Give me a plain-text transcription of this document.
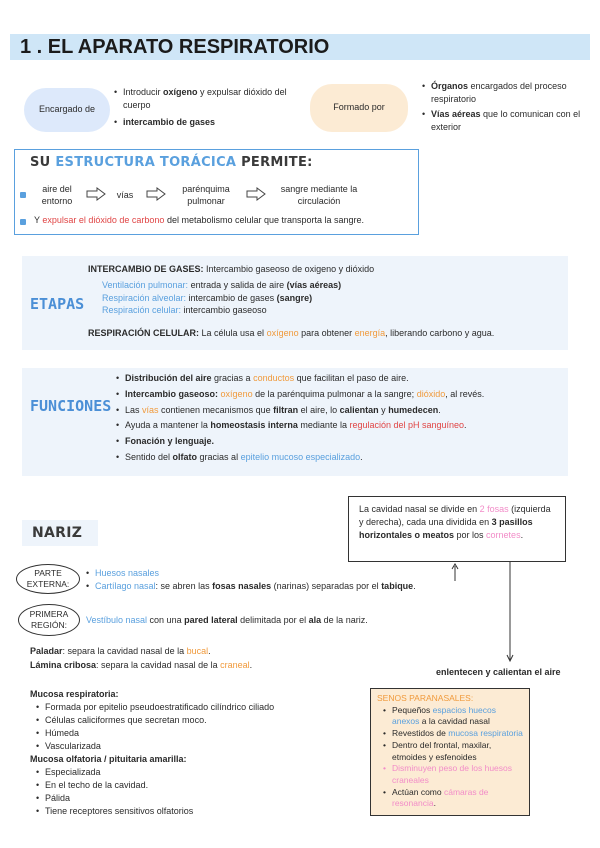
1 . EL APARATO RESPIRATORIO
Encargado de
• Introducir oxígeno y expulsar dióxido del cuerpo
• intercambio de gases
Formado por
• Órganos encargados del proceso respiratorio
• Vías aéreas que lo comunican con el exterior
SU ESTRUCTURA TORÁCICA PERMITE:
aire del entorno
vías
parénquima pulmonar
sangre mediante la circulación
Y expulsar el dióxido de carbono del metabolismo celular que transporta la sangre.
ETAPAS
INTERCAMBIO DE GASES: Intercambio gaseoso de oxigeno y dióxido
Ventilación pulmonar: entrada y salida de aire (vías aéreas)
Respiración alveolar: intercambio de gases (sangre)
Respiración celular: intercambio gaseoso
RESPIRACIÓN CELULAR: La célula usa el oxígeno para obtener energía, liberando carbono y agua.
FUNCIONES
• Distribución del aire gracias a conductos que facilitan el paso de aire.
• Intercambio gaseoso: oxígeno de la parénquima pulmonar a la sangre; dióxido, al revés.
• Las vías contienen mecanismos que filtran el aire, lo calientan y humedecen.
• Ayuda a mantener la homeostasis interna mediante la regulación del pH sanguíneo.
• Fonación y lenguaje.
• Sentido del olfato gracias al epitelio mucoso especializado.
NARIZ
La cavidad nasal se divide en 2 fosas (izquierda y derecha), cada una dividida en 3 pasillos horizontales o meatos por los cornetes.
PARTE EXTERNA:
• Huesos nasales
• Cartílago nasal: se abren las fosas nasales (narinas) separadas por el tabique.
PRIMERA REGIÓN:	Vestíbulo nasal con una pared lateral delimitada por el ala de la nariz.
Paladar: separa la cavidad nasal de la bucal.
Lámina cribosa: separa la cavidad nasal de la craneal.
enlentecen y calientan el aire
Mucosa respiratoria:
• Formada por epitelio pseudoestratificado cilíndrico ciliado
• Células caliciformes que secretan moco.
• Húmeda
• Vascularizada
Mucosa olfatoria / pituitaria amarilla:
• Especializada
• En el techo de la cavidad.
• Pálida
• Tiene receptores sensitivos olfatorios
SENOS PARANASALES:
• Pequeños espacios huecos anexos a la cavidad nasal
• Revestidos de mucosa respiratoria
• Dentro del frontal, maxilar, etmoides y esfenoides
• Disminuyen peso de los huesos craneales
• Actúan como cámaras de resonancia.
